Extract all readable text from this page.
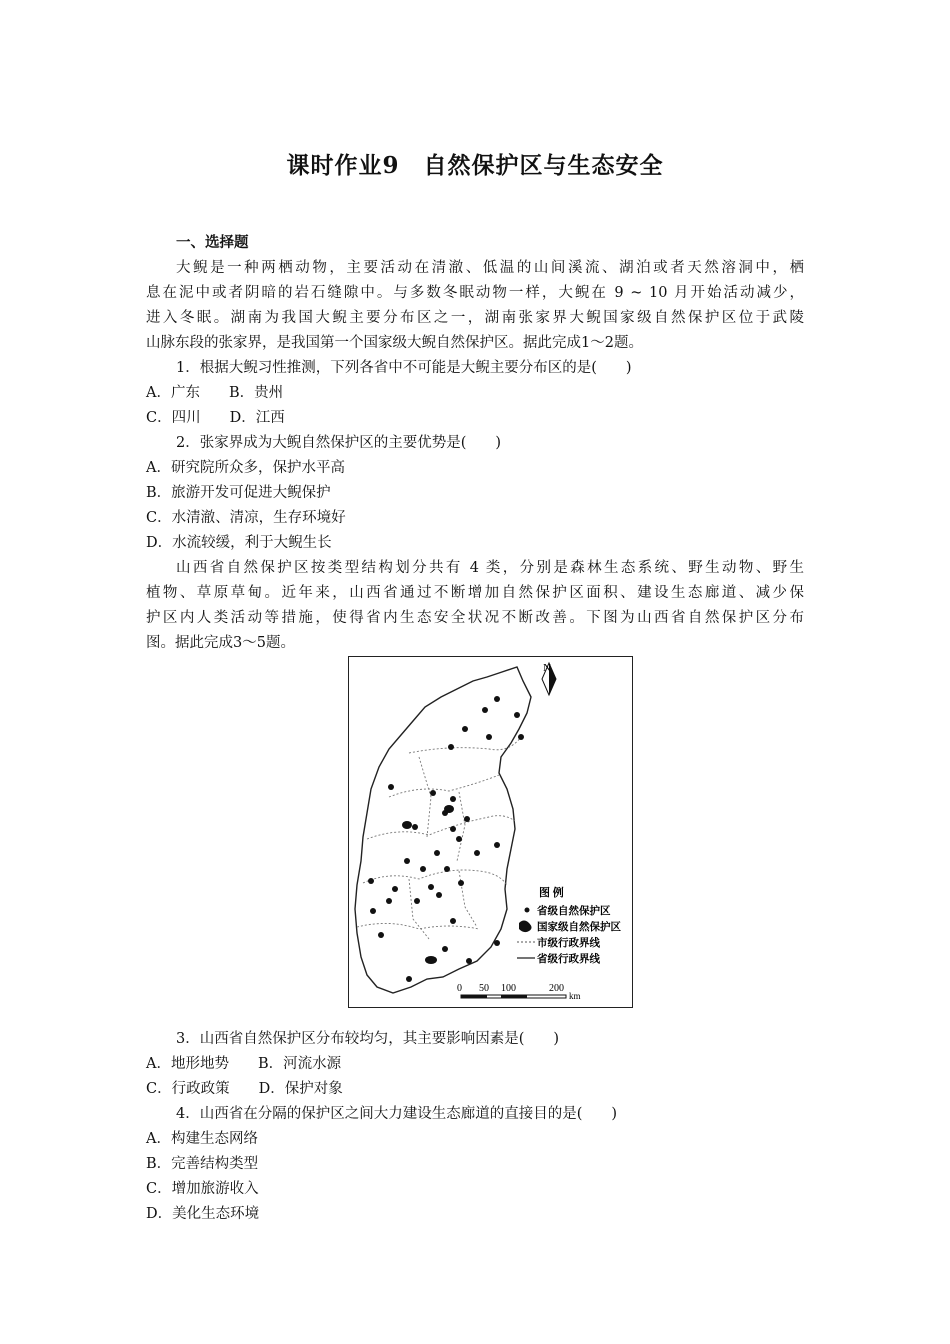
课时作业9　自然保护区与生态安全
一、选择题
大鲵是一种两栖动物，主要活动在清澈、低温的山间溪流、湖泊或者天然溶洞中，栖
息在泥中或者阴暗的岩石缝隙中。与多数冬眠动物一样，大鲵在 9 ~ 10 月开始活动减少，
进入冬眠。湖南为我国大鲵主要分布区之一，湖南张家界大鲵国家级自然保护区位于武陵
山脉东段的张家界，是我国第一个国家级大鲵自然保护区。据此完成1～2题。
1．根据大鲵习性推测，下列各省中不可能是大鲵主要分布区的是(　　)
A．广东　　B．贵州
C．四川　　D．江西
2．张家界成为大鲵自然保护区的主要优势是(　　)
A．研究院所众多，保护水平高
B．旅游开发可促进大鲵保护
C．水清澈、清凉，生存环境好
D．水流较缓，利于大鲵生长
山西省自然保护区按类型结构划分共有 4 类，分别是森林生态系统、野生动物、野生
植物、草原草甸。近年来，山西省通过不断增加自然保护区面积、建设生态廊道、减少保
护区内人类活动等措施，使得省内生态安全状况不断改善。下图为山西省自然保护区分布
图。据此完成3～5题。
N
图 例
省级自然保护区
国家级自然保护区
市级行政界线
省级行政界线
0 50 100	200
km
3．山西省自然保护区分布较均匀，其主要影响因素是(　　)
A．地形地势　　B．河流水源
C．行政政策　　D．保护对象
4．山西省在分隔的保护区之间大力建设生态廊道的直接目的是(　　)
A．构建生态网络
B．完善结构类型
C．增加旅游收入
D．美化生态环境
